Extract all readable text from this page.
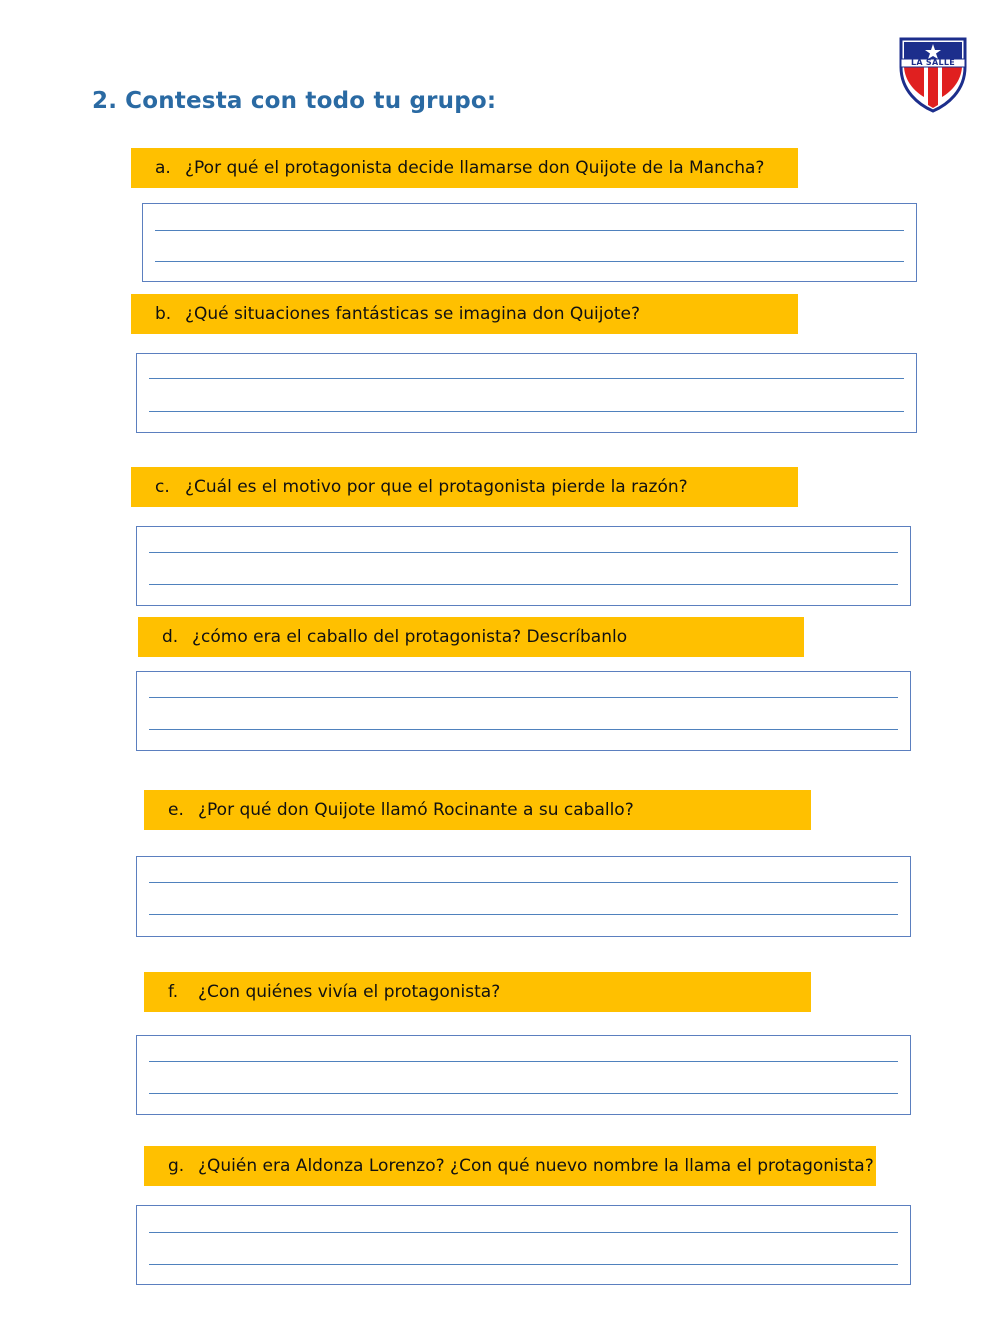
2. Contesta con todo tu grupo:
LA SALLE
a. ¿Por qué el protagonista decide llamarse don Quijote de la Mancha?
b. ¿Qué situaciones fantásticas se imagina don Quijote?
c. ¿Cuál es el motivo por que el protagonista pierde la razón?
d. ¿cómo era el caballo del protagonista? Descríbanlo
e. ¿Por qué don Quijote llamó Rocinante a su caballo?
f.	¿Con quiénes vivía el protagonista?
g. ¿Quién era Aldonza Lorenzo? ¿Con qué nuevo nombre la llama el protagonista?
